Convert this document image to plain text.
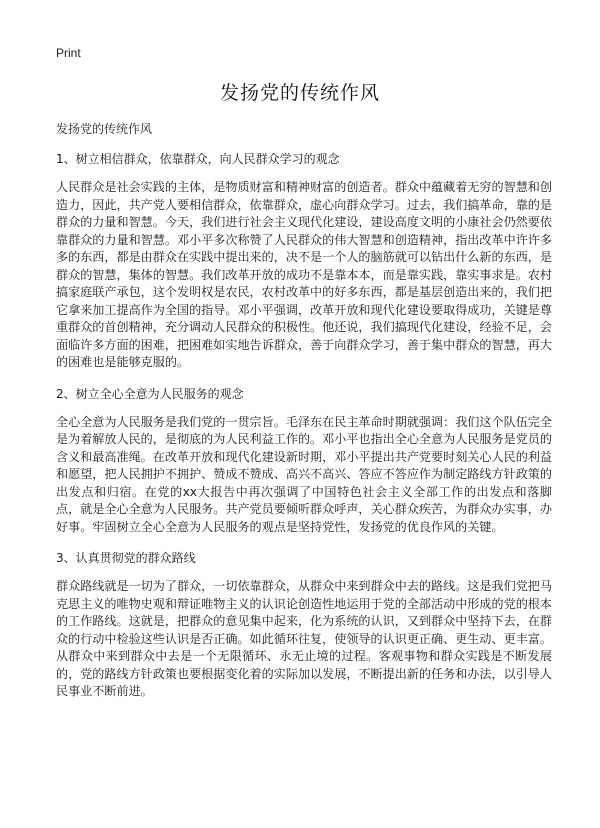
Print
发扬党的传统作风

发扬党的传统作风

1、树立相信群众，依靠群众，向人民群众学习的观念

人民群众是社会实践的主体，是物质财富和精神财富的创造者。群众中蕴藏着无穷的智慧和创造力，因此，共产党人要相信群众，依靠群众，虚心向群众学习。过去，我们搞革命，靠的是群众的力量和智慧。今天，我们进行社会主义现代化建设，建设高度文明的小康社会仍然要依靠群众的力量和智慧。邓小平多次称赞了人民群众的伟大智慧和创造精神，指出改革中许许多多的东西，都是由群众在实践中提出来的，决不是一个人的脑筋就可以钻出什么新的东西，是群众的智慧，集体的智慧。我们改革开放的成功不是靠本本，而是靠实践，靠实事求是。农村搞家庭联产承包，这个发明权是农民，农村改革中的好多东西，都是基层创造出来的，我们把它拿来加工提高作为全国的指导。邓小平强调，改革开放和现代化建设要取得成功，关键是尊重群众的首创精神，充分调动人民群众的积极性。他还说，我们搞现代化建设，经验不足，会面临许多方面的困难，把困难如实地告诉群众，善于向群众学习，善于集中群众的智慧，再大的困难也是能够克服的。

2、树立全心全意为人民服务的观念

全心全意为人民服务是我们党的一贯宗旨。毛泽东在民主革命时期就强调：我们这个队伍完全是为着解放人民的，是彻底的为人民利益工作的。邓小平也指出全心全意为人民服务是党员的含义和最高准绳。在改革开放和现代化建设新时期，邓小平提出共产党要时刻关心人民的利益和愿望，把人民拥护不拥护、赞成不赞成、高兴不高兴、答应不答应作为制定路线方针政策的出发点和归宿。在党的xx大报告中再次强调了中国特色社会主义全部工作的出发点和落脚点，就是全心全意为人民服务。共产党员要倾听群众呼声，关心群众疾苦，为群众办实事，办好事。牢固树立全心全意为人民服务的观点是坚持党性，发扬党的优良作风的关键。

3、认真贯彻党的群众路线

群众路线就是一切为了群众，一切依靠群众，从群众中来到群众中去的路线。这是我们党把马克思主义的唯物史观和辩证唯物主义的认识论创造性地运用于党的全部活动中形成的党的根本的工作路线。这就是，把群众的意见集中起来，化为系统的认识，又到群众中坚持下去，在群众的行动中检验这些认识是否正确。如此循环往复，使领导的认识更正确、更生动、更丰富。从群众中来到群众中去是一个无限循环、永无止境的过程。客观事物和群众实践是不断发展的，党的路线方针政策也要根据变化着的实际加以发展，不断提出新的任务和办法，以引导人民事业不断前进。
